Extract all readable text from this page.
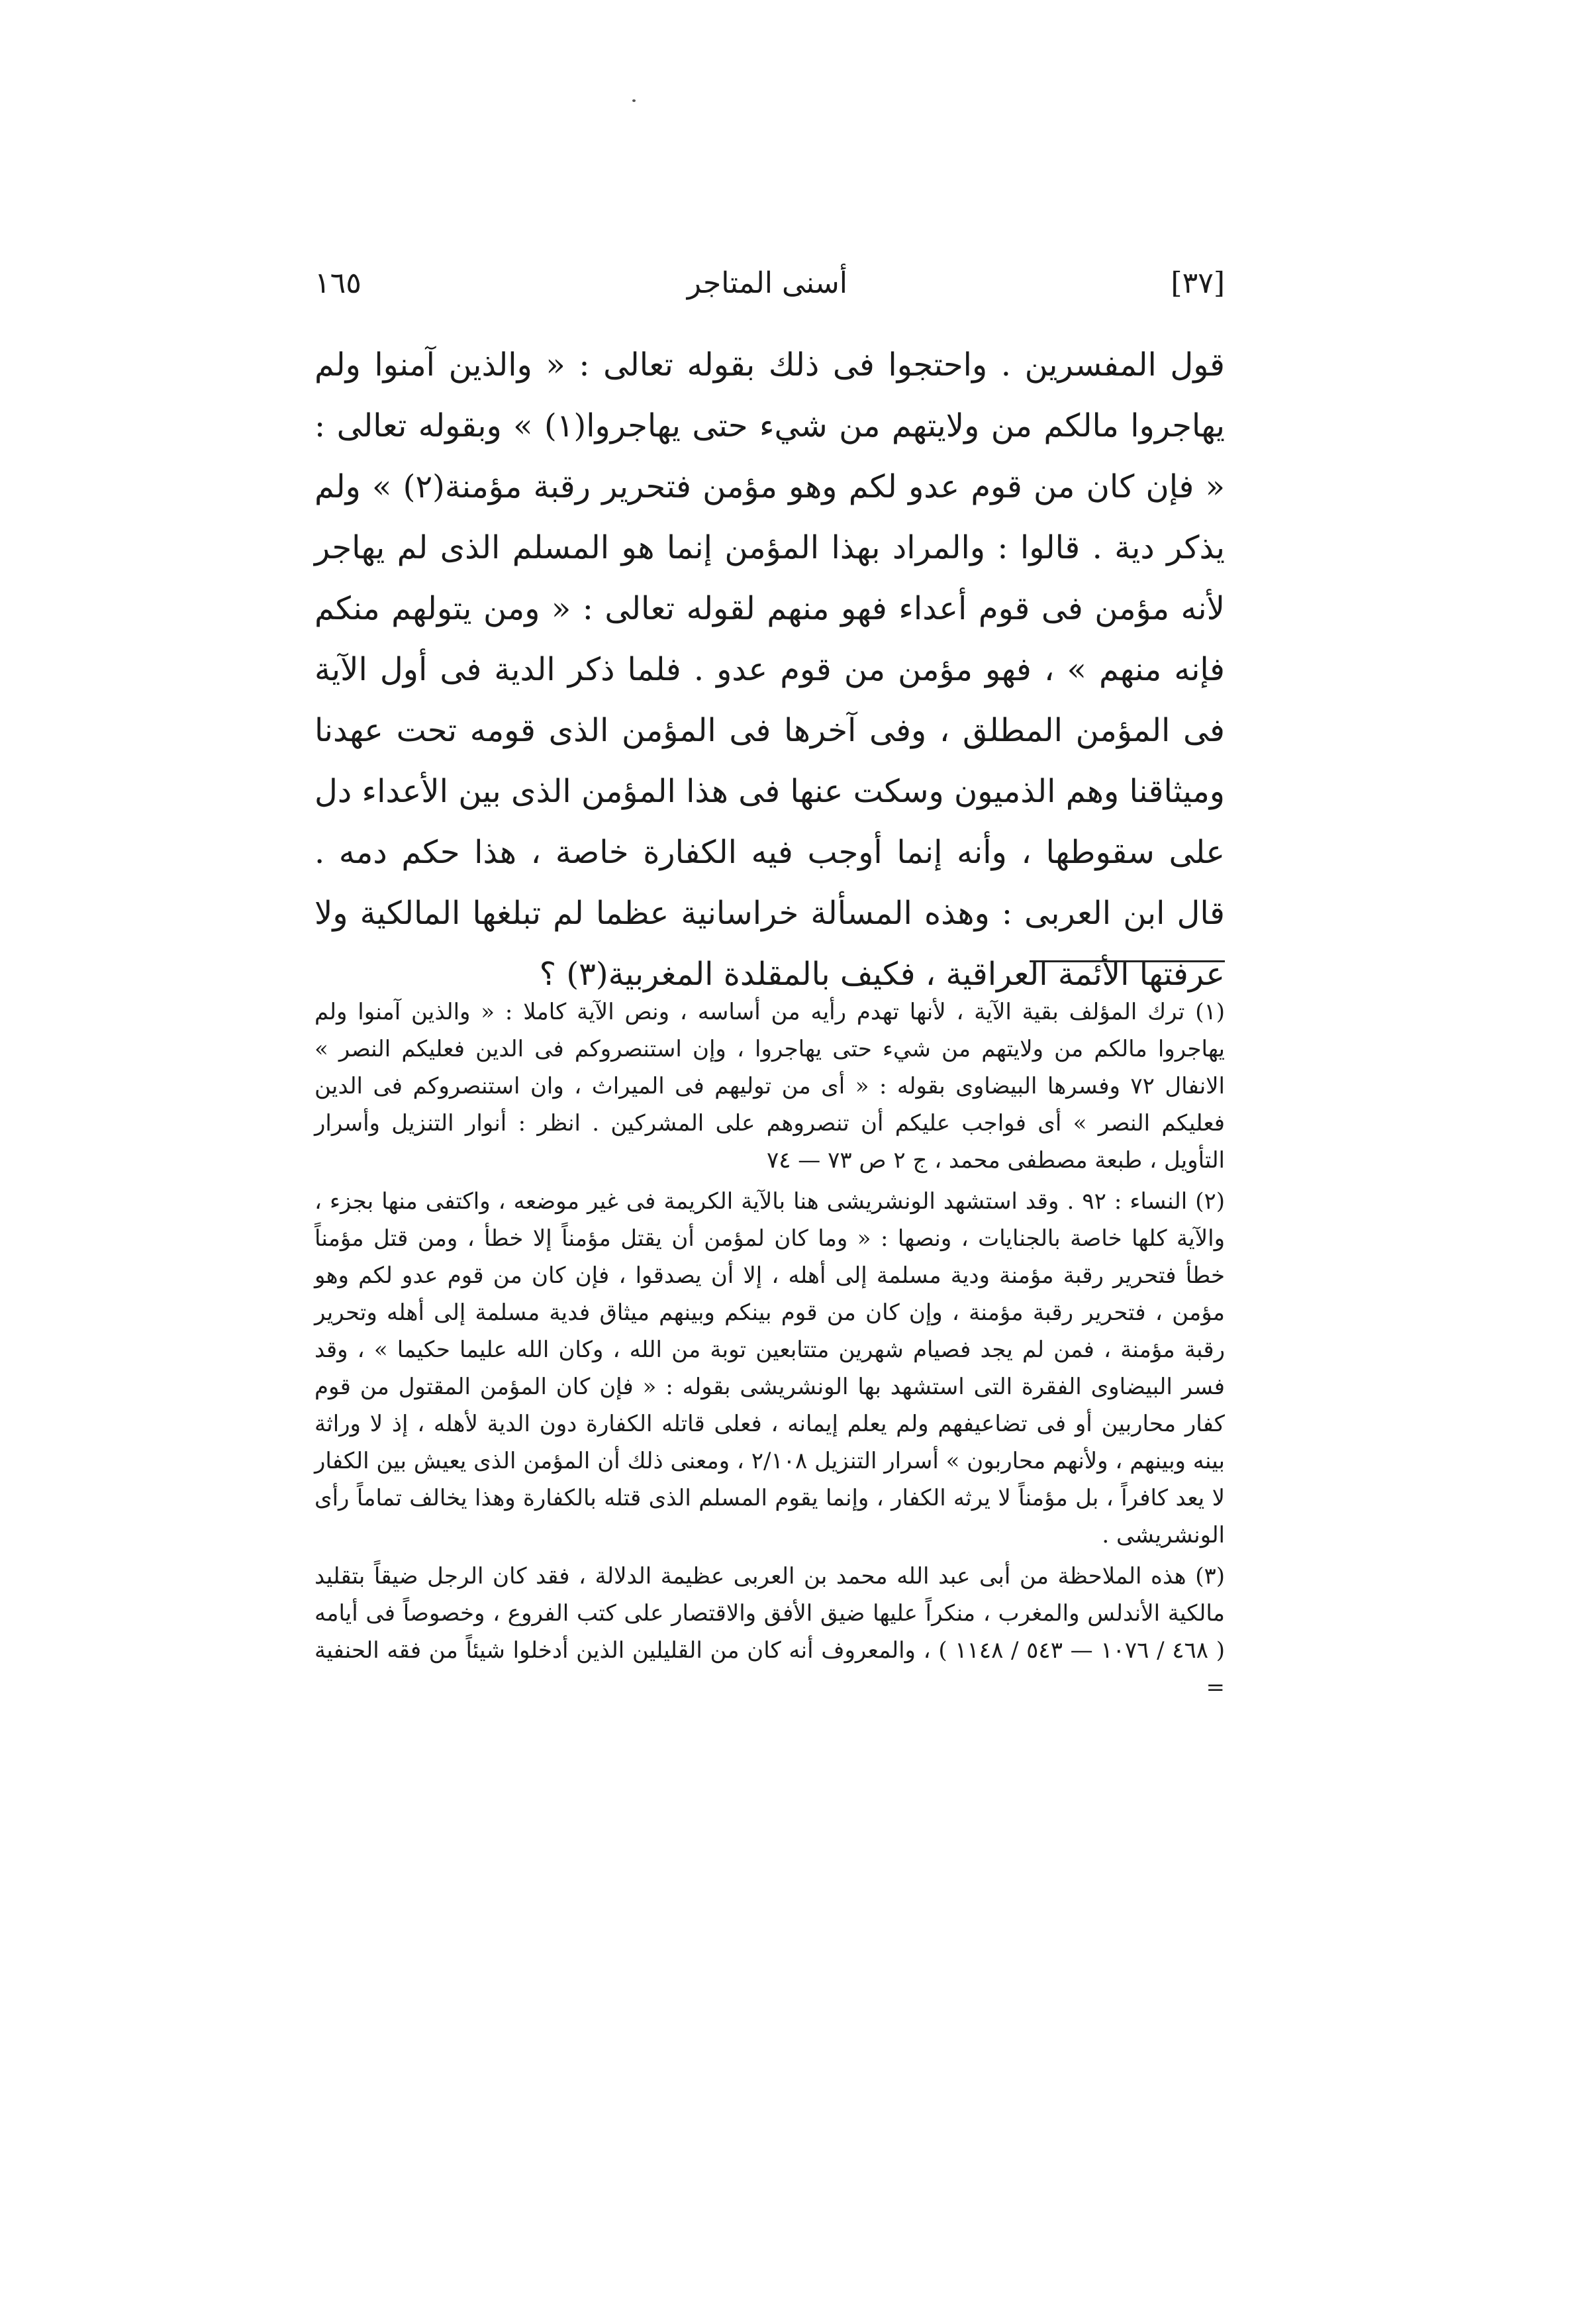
[٣٧]
أسنى المتاجر
١٦٥

قول المفسرين . واحتجوا فى ذلك بقوله تعالى : « والذين آمنوا ولم يهاجروا مالكم من ولايتهم من شيء حتى يهاجروا(١) » وبقوله تعالى : « فإن كان من قوم عدو لكم وهو مؤمن فتحرير رقبة مؤمنة(٢) » ولم يذكر دية . قالوا : والمراد بهذا المؤمن إنما هو المسلم الذى لم يهاجر لأنه مؤمن فى قوم أعداء فهو منهم لقوله تعالى : « ومن يتولهم منكم فإنه منهم » ، فهو مؤمن من قوم عدو . فلما ذكر الدية فى أول الآية فى المؤمن المطلق ، وفى آخرها فى المؤمن الذى قومه تحت عهدنا وميثاقنا وهم الذميون وسكت عنها فى هذا المؤمن الذى بين الأعداء دل على سقوطها ، وأنه إنما أوجب فيه الكفارة خاصة ، هذا حكم دمه . قال ابن العربى : وهذه المسألة خراسانية عظما لم تبلغها المالكية ولا عرفتها الأئمة العراقية ، فكيف بالمقلدة المغربية(٣) ؟

(١) ترك المؤلف بقية الآية ، لأنها تهدم رأيه من أساسه ، ونص الآية كاملا : « والذين آمنوا ولم يهاجروا مالكم من ولايتهم من شيء حتى يهاجروا ، وإن استنصروكم فى الدين فعليكم النصر » الانفال ٧٢ وفسرها البيضاوى بقوله : « أى من توليهم فى الميراث ، وان استنصروكم فى الدين فعليكم النصر » أى فواجب عليكم أن تنصروهم على المشركين . انظر : أنوار التنزيل وأسرار التأويل ، طبعة مصطفى محمد ، ج ٢ ص ٧٣ — ٧٤

(٢) النساء : ٩٢ . وقد استشهد الونشريشى هنا بالآية الكريمة فى غير موضعه ، واكتفى منها بجزء ، والآية كلها خاصة بالجنايات ، ونصها : « وما كان لمؤمن أن يقتل مؤمناً إلا خطأ ، ومن قتل مؤمناً خطأ فتحرير رقبة مؤمنة ودية مسلمة إلى أهله ، إلا أن يصدقوا ، فإن كان من قوم عدو لكم وهو مؤمن ، فتحرير رقبة مؤمنة ، وإن كان من قوم بينكم وبينهم ميثاق فدية مسلمة إلى أهله وتحرير رقبة مؤمنة ، فمن لم يجد فصيام شهرين متتابعين توبة من الله ، وكان الله عليما حكيما » ، وقد فسر البيضاوى الفقرة التى استشهد بها الونشريشى بقوله : « فإن كان المؤمن المقتول من قوم كفار محاربين أو فى تضاعيفهم ولم يعلم إيمانه ، فعلى قاتله الكفارة دون الدية لأهله ، إذ لا وراثة بينه وبينهم ، ولأنهم محاربون » أسرار التنزيل ٢/١٠٨ ، ومعنى ذلك أن المؤمن الذى يعيش بين الكفار لا يعد كافراً ، بل مؤمناً لا يرثه الكفار ، وإنما يقوم المسلم الذى قتله بالكفارة وهذا يخالف تماماً رأى الونشريشى .

(٣) هذه الملاحظة من أبى عبد الله محمد بن العربى عظيمة الدلالة ، فقد كان الرجل ضيقاً بتقليد مالكية الأندلس والمغرب ، منكراً عليها ضيق الأفق والاقتصار على كتب الفروع ، وخصوصاً فى أيامه ( ٤٦٨ / ١٠٧٦ — ٥٤٣ / ١١٤٨ ) ، والمعروف أنه كان من القليلين الذين أدخلوا شيئاً من فقه الحنفية =
